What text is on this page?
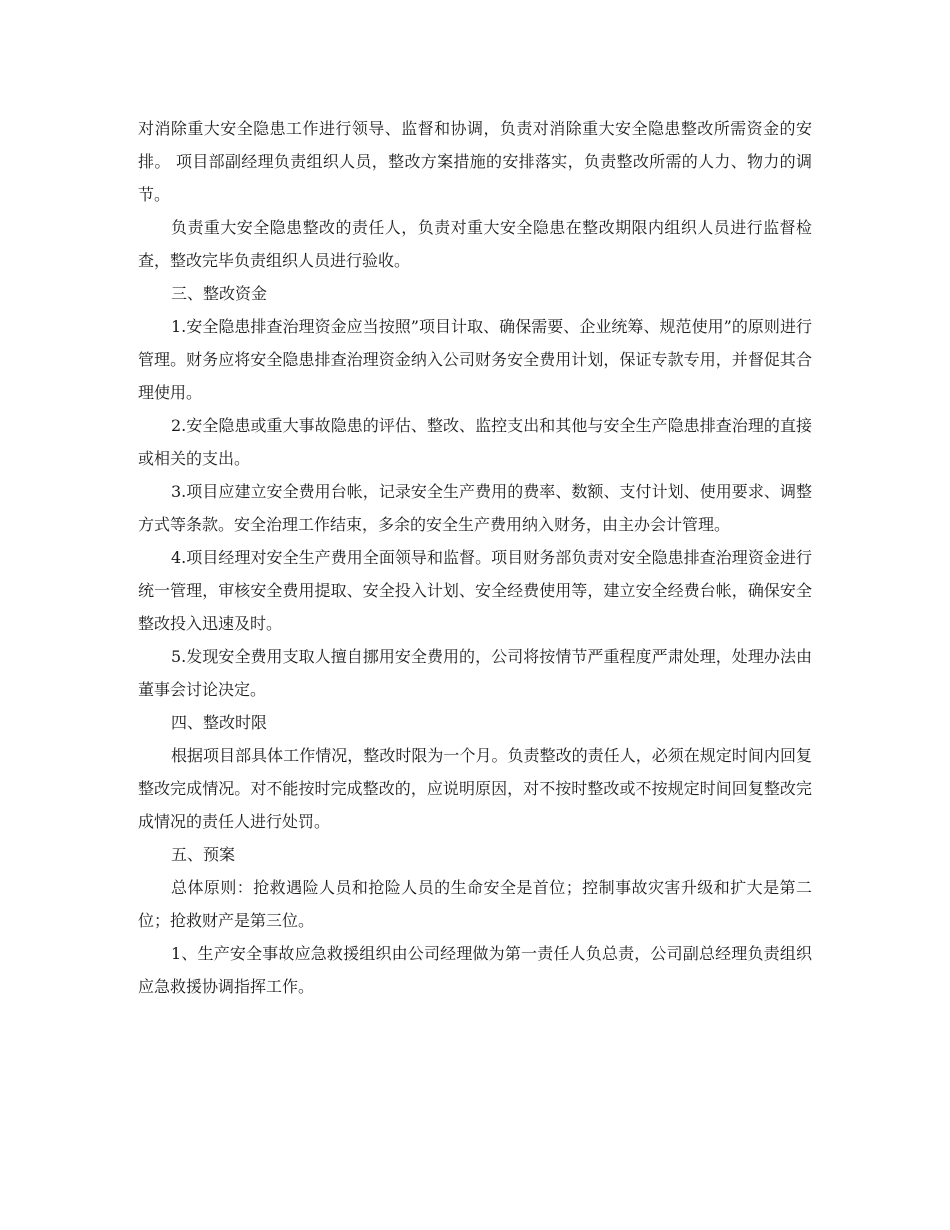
对消除重大安全隐患工作进行领导、监督和协调，负责对消除重大安全隐患整改所需资金的安排。 项目部副经理负责组织人员，整改方案措施的安排落实，负责整改所需的人力、物力的调节。

负责重大安全隐患整改的责任人，负责对重大安全隐患在整改期限内组织人员进行监督检查，整改完毕负责组织人员进行验收。

三、整改资金

1.安全隐患排查治理资金应当按照”项目计取、确保需要、企业统筹、规范使用”的原则进行管理。财务应将安全隐患排查治理资金纳入公司财务安全费用计划，保证专款专用，并督促其合理使用。

2.安全隐患或重大事故隐患的评估、整改、监控支出和其他与安全生产隐患排查治理的直接或相关的支出。

3.项目应建立安全费用台帐，记录安全生产费用的费率、数额、支付计划、使用要求、调整方式等条款。安全治理工作结束，多余的安全生产费用纳入财务，由主办会计管理。

4.项目经理对安全生产费用全面领导和监督。项目财务部负责对安全隐患排查治理资金进行统一管理，审核安全费用提取、安全投入计划、安全经费使用等，建立安全经费台帐，确保安全整改投入迅速及时。

5.发现安全费用支取人擅自挪用安全费用的，公司将按情节严重程度严肃处理，处理办法由董事会讨论决定。

四、整改时限

根据项目部具体工作情况，整改时限为一个月。负责整改的责任人，必须在规定时间内回复整改完成情况。对不能按时完成整改的，应说明原因，对不按时整改或不按规定时间回复整改完成情况的责任人进行处罚。

五、预案

总体原则：抢救遇险人员和抢险人员的生命安全是首位；控制事故灾害升级和扩大是第二位；抢救财产是第三位。

1、生产安全事故应急救援组织由公司经理做为第一责任人负总责，公司副总经理负责组织应急救援协调指挥工作。
